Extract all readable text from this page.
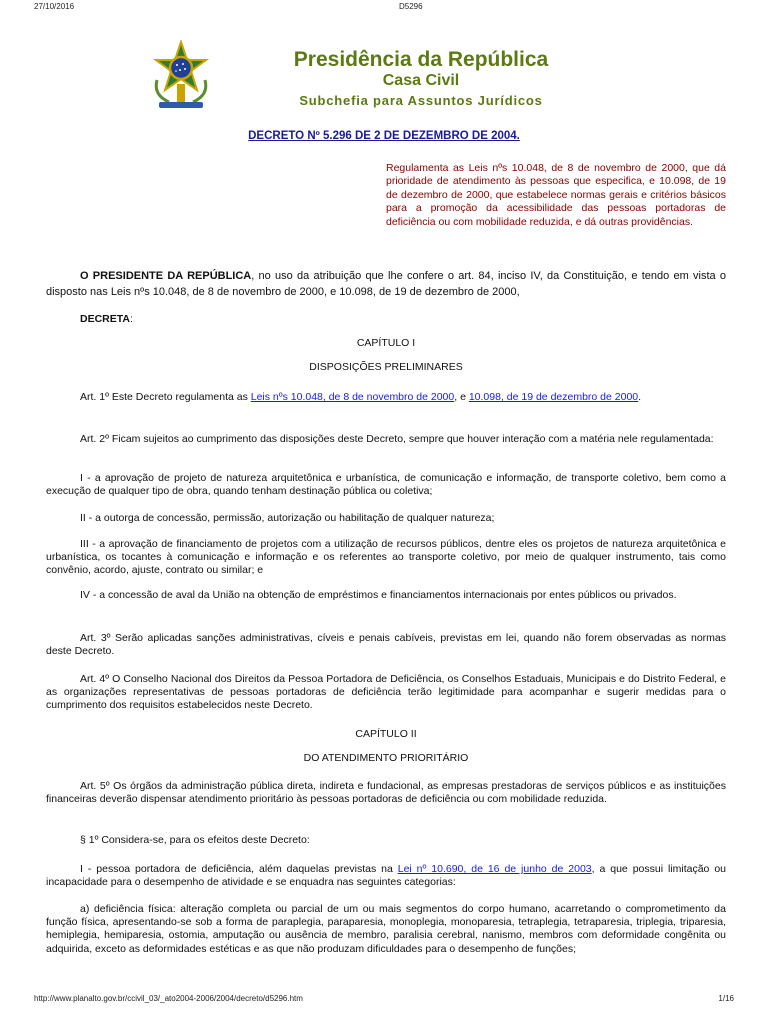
27/10/2016	D5296
Presidência da República
Casa Civil
Subchefia para Assuntos Jurídicos
DECRETO Nº 5.296 DE 2 DE DEZEMBRO DE 2004.
Regulamenta as Leis nºs 10.048, de 8 de novembro de 2000, que dá prioridade de atendimento às pessoas que especifica, e 10.098, de 19 de dezembro de 2000, que estabelece normas gerais e critérios básicos para a promoção da acessibilidade das pessoas portadoras de deficiência ou com mobilidade reduzida, e dá outras providências.
O PRESIDENTE DA REPÚBLICA, no uso da atribuição que lhe confere o art. 84, inciso IV, da Constituição, e tendo em vista o disposto nas Leis nºs 10.048, de 8 de novembro de 2000, e 10.098, de 19 de dezembro de 2000,
DECRETA:
CAPÍTULO I
DISPOSIÇÕES PRELIMINARES
Art. 1º Este Decreto regulamenta as Leis nºs 10.048, de 8 de novembro de 2000, e 10.098, de 19 de dezembro de 2000.
Art. 2º Ficam sujeitos ao cumprimento das disposições deste Decreto, sempre que houver interação com a matéria nele regulamentada:
I - a aprovação de projeto de natureza arquitetônica e urbanística, de comunicação e informação, de transporte coletivo, bem como a execução de qualquer tipo de obra, quando tenham destinação pública ou coletiva;
II - a outorga de concessão, permissão, autorização ou habilitação de qualquer natureza;
III - a aprovação de financiamento de projetos com a utilização de recursos públicos, dentre eles os projetos de natureza arquitetônica e urbanística, os tocantes à comunicação e informação e os referentes ao transporte coletivo, por meio de qualquer instrumento, tais como convênio, acordo, ajuste, contrato ou similar; e
IV - a concessão de aval da União na obtenção de empréstimos e financiamentos internacionais por entes públicos ou privados.
Art. 3º Serão aplicadas sanções administrativas, cíveis e penais cabíveis, previstas em lei, quando não forem observadas as normas deste Decreto.
Art. 4º O Conselho Nacional dos Direitos da Pessoa Portadora de Deficiência, os Conselhos Estaduais, Municipais e do Distrito Federal, e as organizações representativas de pessoas portadoras de deficiência terão legitimidade para acompanhar e sugerir medidas para o cumprimento dos requisitos estabelecidos neste Decreto.
CAPÍTULO II
DO ATENDIMENTO PRIORITÁRIO
Art. 5º Os órgãos da administração pública direta, indireta e fundacional, as empresas prestadoras de serviços públicos e as instituições financeiras deverão dispensar atendimento prioritário às pessoas portadoras de deficiência ou com mobilidade reduzida.
§ 1º Considera-se, para os efeitos deste Decreto:
I - pessoa portadora de deficiência, além daquelas previstas na Lei nº 10.690, de 16 de junho de 2003, a que possui limitação ou incapacidade para o desempenho de atividade e se enquadra nas seguintes categorias:
a) deficiência física: alteração completa ou parcial de um ou mais segmentos do corpo humano, acarretando o comprometimento da função física, apresentando-se sob a forma de paraplegia, paraparesia, monoplegia, monoparesia, tetraplegia, tetraparesia, triplegia, triparesia, hemiplegia, hemiparesia, ostomia, amputação ou ausência de membro, paralisia cerebral, nanismo, membros com deformidade congênita ou adquirida, exceto as deformidades estéticas e as que não produzam dificuldades para o desempenho de funções;
http://www.planalto.gov.br/ccivil_03/_ato2004-2006/2004/decreto/d5296.htm	1/16
